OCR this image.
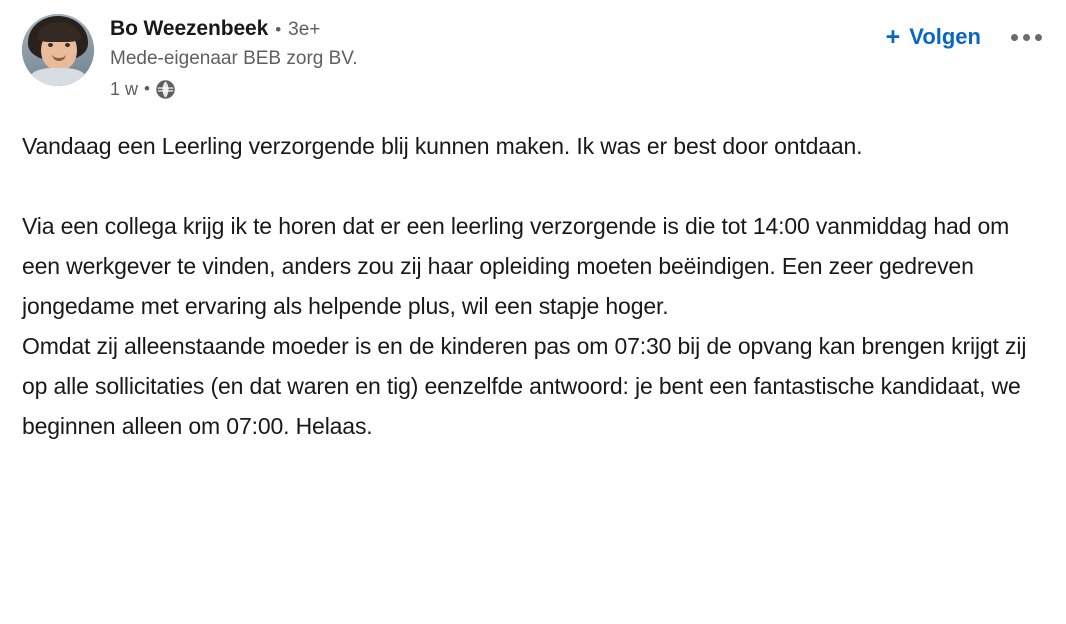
Bo Weezenbeek • 3e+
Mede-eigenaar BEB zorg BV.
1 w •
+ Volgen

Vandaag een Leerling verzorgende blij kunnen maken. Ik was er best door ontdaan.

Via een collega krijg ik te horen dat er een leerling verzorgende is die tot 14:00 vanmiddag had om een werkgever te vinden, anders zou zij haar opleiding moeten beëindigen. Een zeer gedreven jongedame met ervaring als helpende plus, wil een stapje hoger.

Omdat zij alleenstaande moeder is en de kinderen pas om 07:30 bij de opvang kan brengen krijgt zij op alle sollicitaties (en dat waren en tig) eenzelfde antwoord: je bent een fantastische kandidaat, we beginnen alleen om 07:00. Helaas.
